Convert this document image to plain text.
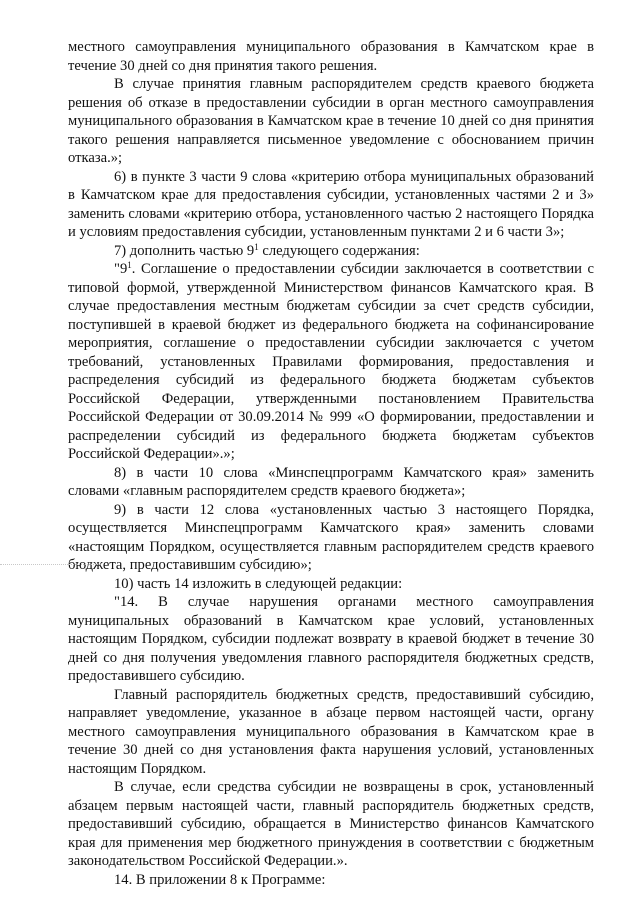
местного самоуправления муниципального образования в Камчатском крае в течение 30 дней со дня принятия такого решения.

В случае принятия главным распорядителем средств краевого бюджета решения об отказе в предоставлении субсидии в орган местного самоуправления муниципального образования в Камчатском крае в течение 10 дней со дня принятия такого решения направляется письменное уведомление с обоснованием причин отказа.»;

6) в пункте 3 части 9 слова «критерию отбора муниципальных образований в Камчатском крае для предоставления субсидии, установленных частями 2 и 3» заменить словами «критерию отбора, установленного частью 2 настоящего Порядка и условиям предоставления субсидии, установленным пунктами 2 и 6 части 3»;

7) дополнить частью $9^1$ следующего содержания:

"$9^1$. Соглашение о предоставлении субсидии заключается в соответствии с типовой формой, утвержденной Министерством финансов Камчатского края. В случае предоставления местным бюджетам субсидии за счет средств субсидии, поступившей в краевой бюджет из федерального бюджета на софинансирование мероприятия, соглашение о предоставлении субсидии заключается с учетом требований, установленных Правилами формирования, предоставления и распределения субсидий из федерального бюджета бюджетам субъектов Российской Федерации, утвержденными постановлением Правительства Российской Федерации от 30.09.2014 № 999 «О формировании, предоставлении и распределении субсидий из федерального бюджета бюджетам субъектов Российской Федерации».»;

8) в части 10 слова «Минспецпрограмм Камчатского края» заменить словами «главным распорядителем средств краевого бюджета»;

9) в части 12 слова «установленных частью 3 настоящего Порядка, осуществляется Минспецпрограмм Камчатского края» заменить словами «настоящим Порядком, осуществляется главным распорядителем средств краевого бюджета, предоставившим субсидию»;

10) часть 14 изложить в следующей редакции:

"14. В случае нарушения органами местного самоуправления муниципальных образований в Камчатском крае условий, установленных настоящим Порядком, субсидии подлежат возврату в краевой бюджет в течение 30 дней со дня получения уведомления главного распорядителя бюджетных средств, предоставившего субсидию.

Главный распорядитель бюджетных средств, предоставивший субсидию, направляет уведомление, указанное в абзаце первом настоящей части, органу местного самоуправления муниципального образования в Камчатском крае в течение 30 дней со дня установления факта нарушения условий, установленных настоящим Порядком.

В случае, если средства субсидии не возвращены в срок, установленный абзацем первым настоящей части, главный распорядитель бюджетных средств, предоставивший субсидию, обращается в Министерство финансов Камчатского края для применения мер бюджетного принуждения в соответствии с бюджетным законодательством Российской Федерации.».

14. В приложении 8 к Программе:
